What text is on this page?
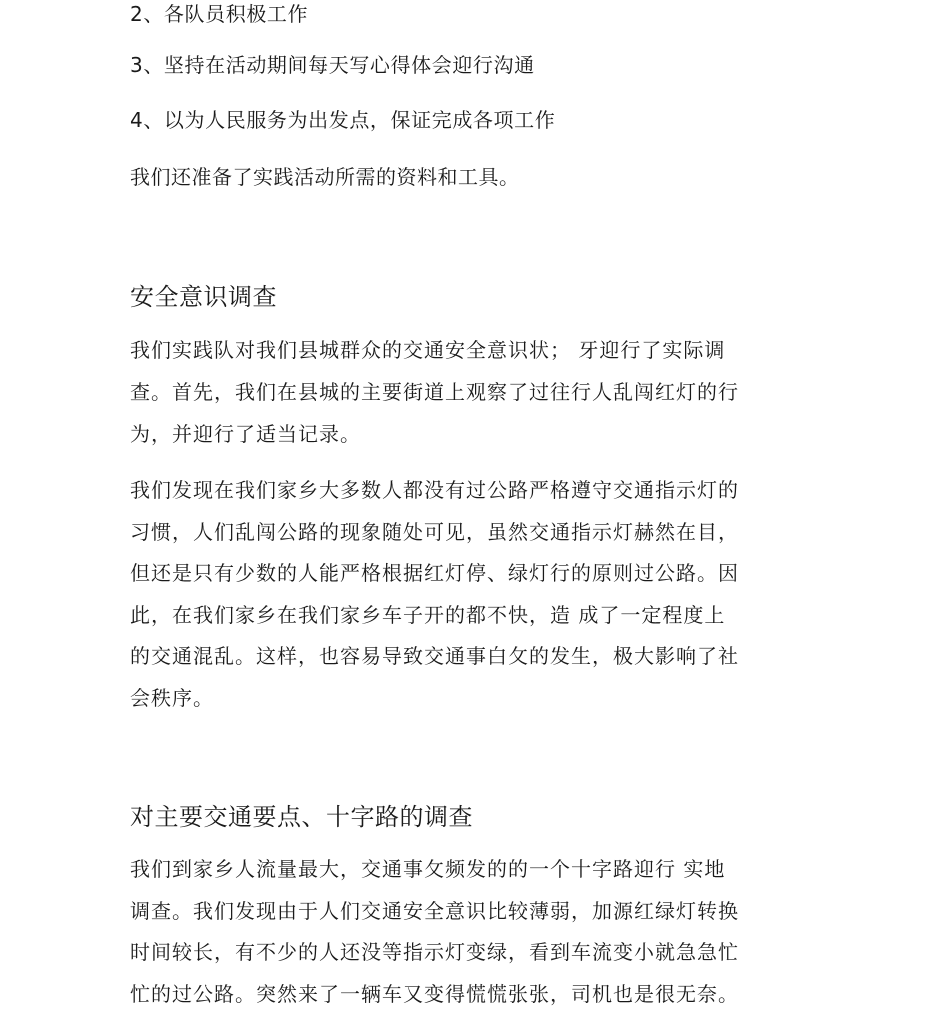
2、各队员积极工作
3、坚持在活动期间每天写心得体会迎行沟通
4、以为人民服务为出发点，保证完成各项工作
我们还准备了实践活动所需的资料和工具。
安全意识调查
我们实践队对我们县城群众的交通安全意识状； 牙迎行了实际调
查。首先，我们在县城的主要街道上观察了过往行人乱闯红灯的行
为，并迎行了适当记录。
我们发现在我们家乡大多数人都没有过公路严格遵守交通指示灯的
习惯，人们乱闯公路的现象随处可见，虽然交通指示灯赫然在目，
但还是只有少数的人能严格根据红灯停、绿灯行的原则过公路。因
此，在我们家乡在我们家乡车子开的都不快，造 成了一定程度上
的交通混乱。这样，也容易导致交通事白攵的发生，极大影响了社
会秩序。
对主要交通要点、十字路的调查
我们到家乡人流量最大，交通事攵频发的的一个十字路迎行 实地
调查。我们发现由于人们交通安全意识比较薄弱，加源红绿灯转换
时间较长，有不少的人还没等指示灯变绿，看到车流变小就急急忙
忙的过公路。突然来了一辆车又变得慌慌张张，司机也是很无奈。
